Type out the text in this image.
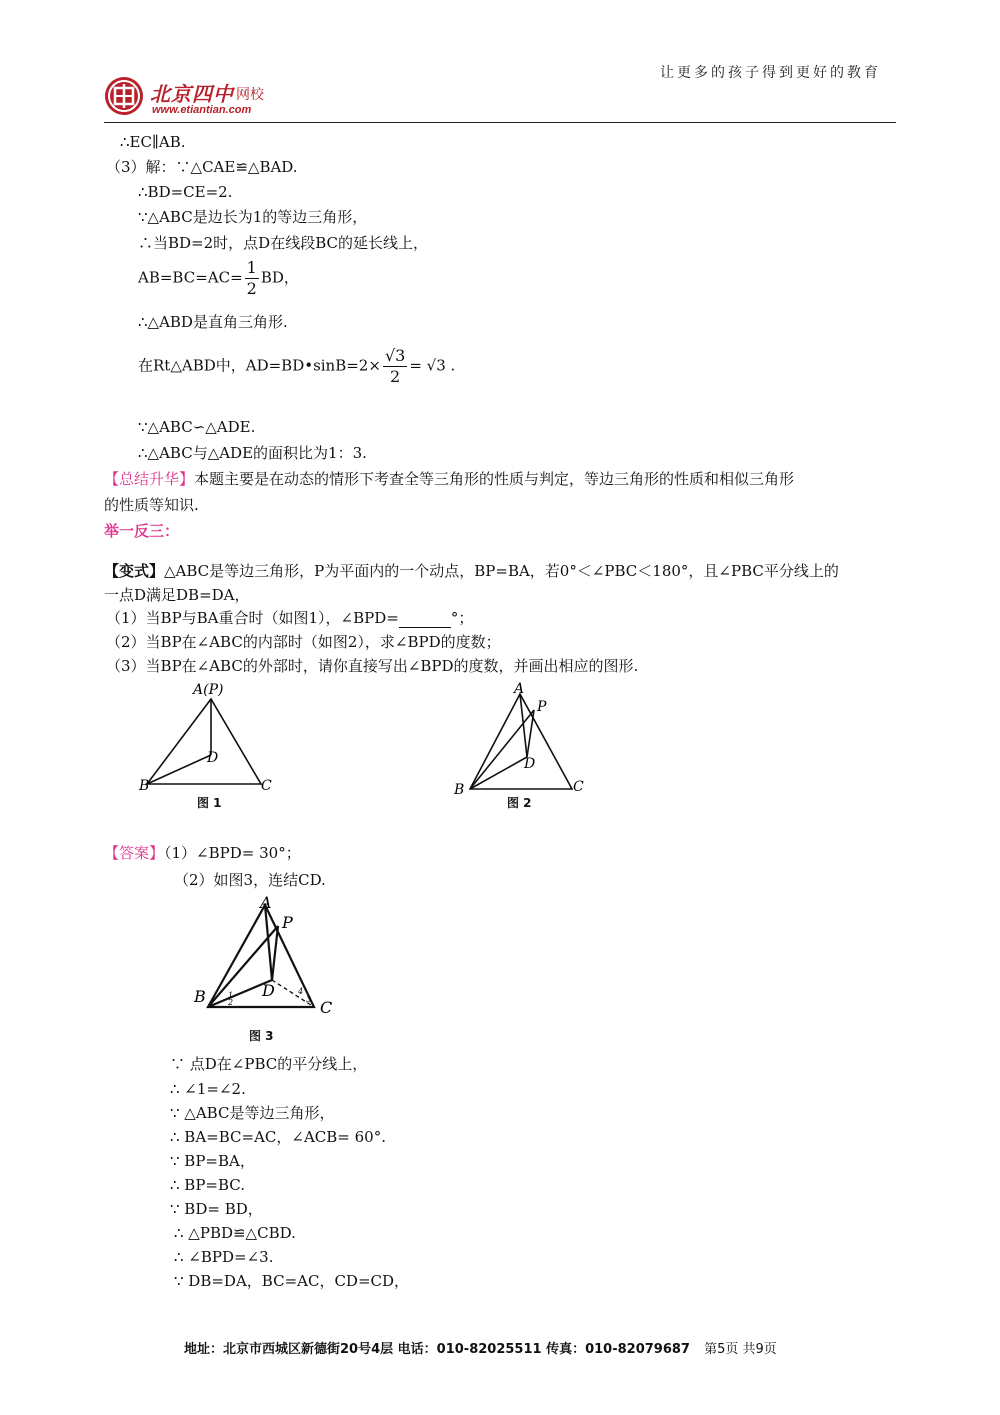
北京四中 网校
www.etiantian.com
让更多的孩子得到更好的教育
∴EC∥AB.
（3）解：∵△CAE≌△BAD.
∴BD=CE=2.
∵△ABC是边长为1的等边三角形，
∴当BD=2时，点D在线段BC的延长线上，
$AB=BC=AC= \frac{1}{2}$ BD，
∴△ABD是直角三角形.
在Rt△ABD中，AD=BD•sinB=2× $\frac{√3}{2} = √3$ .
∵△ABC∽△ADE.
∴△ABC与△ADE的面积比为1：3.
【总结升华】本题主要是在动态的情形下考查全等三角形的性质与判定，等边三角形的性质和相似三角形
的性质等知识.
举一反三：
【变式】△ABC是等边三角形，P为平面内的一个动点，BP=BA，若0°＜∠PBC＜180°，且∠PBC平分线上的
一点D满足DB=DA，
（1）当BP与BA重合时（如图1），∠BPD=	°；
（2）当BP在∠ABC的内部时（如图2），求∠BPD的度数；
（3）当BP在∠ABC的外部时，请你直接写出∠BPD的度数，并画出相应的图形.
A(P)
B	C
D
图 1
A
P
B	C
D
图 2
【答案】（1）∠BPD= 30°；
（2）如图3，连结CD.
A
P
B
C
D
1
2	3
4
图 3
∵ 点D在∠PBC的平分线上，
∴ ∠1=∠2.
∵ △ABC是等边三角形，
∴ BA=BC=AC，∠ACB= 60°.
∵ BP=BA，
∴ BP=BC.
∵ BD= BD，
∴ △PBD≌△CBD.
∴ ∠BPD=∠3.
∵ DB=DA，BC=AC，CD=CD，
地址：北京市西城区新德街20号4层 电话：010-82025511 传真：010-82079687 第5页 共9页
